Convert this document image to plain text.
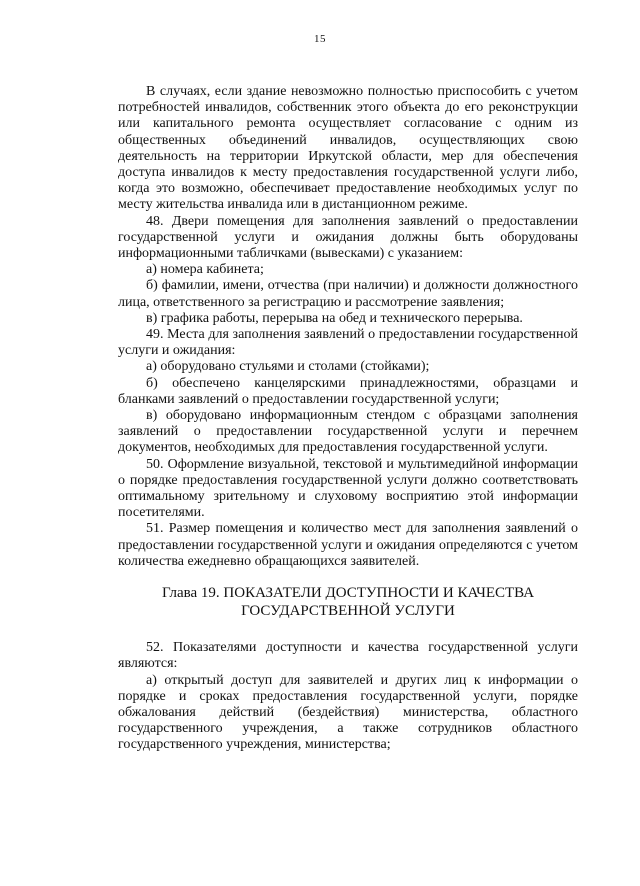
15

В случаях, если здание невозможно полностью приспособить с учетом потребностей инвалидов, собственник этого объекта до его реконструкции или капитального ремонта осуществляет согласование с одним из общественных объединений инвалидов, осуществляющих свою деятельность на территории Иркутской области, мер для обеспечения доступа инвалидов к месту предоставления государственной услуги либо, когда это возможно, обеспечивает предоставление необходимых услуг по месту жительства инвалида или в дистанционном режиме.

48. Двери помещения для заполнения заявлений о предоставлении государственной услуги и ожидания должны быть оборудованы информационными табличками (вывесками) с указанием:

а) номера кабинета;

б) фамилии, имени, отчества (при наличии) и должности должностного лица, ответственного за регистрацию и рассмотрение заявления;

в) графика работы, перерыва на обед и технического перерыва.

49. Места для заполнения заявлений о предоставлении государственной услуги и ожидания:

а) оборудовано стульями и столами (стойками);

б) обеспечено канцелярскими принадлежностями, образцами и бланками заявлений о предоставлении государственной услуги;

в) оборудовано информационным стендом с образцами заполнения заявлений о предоставлении государственной услуги и перечнем документов, необходимых для предоставления государственной услуги.

50. Оформление визуальной, текстовой и мультимедийной информации о порядке предоставления государственной услуги должно соответствовать оптимальному зрительному и слуховому восприятию этой информации посетителями.

51. Размер помещения и количество мест для заполнения заявлений о предоставлении государственной услуги и ожидания определяются с учетом количества ежедневно обращающихся заявителей.

Глава 19. ПОКАЗАТЕЛИ ДОСТУПНОСТИ И КАЧЕСТВА
ГОСУДАРСТВЕННОЙ УСЛУГИ

52. Показателями доступности и качества государственной услуги являются:

а) открытый доступ для заявителей и других лиц к информации о порядке и сроках предоставления государственной услуги, порядке обжалования действий (бездействия) министерства, областного государственного учреждения, а также сотрудников областного государственного учреждения, министерства;
